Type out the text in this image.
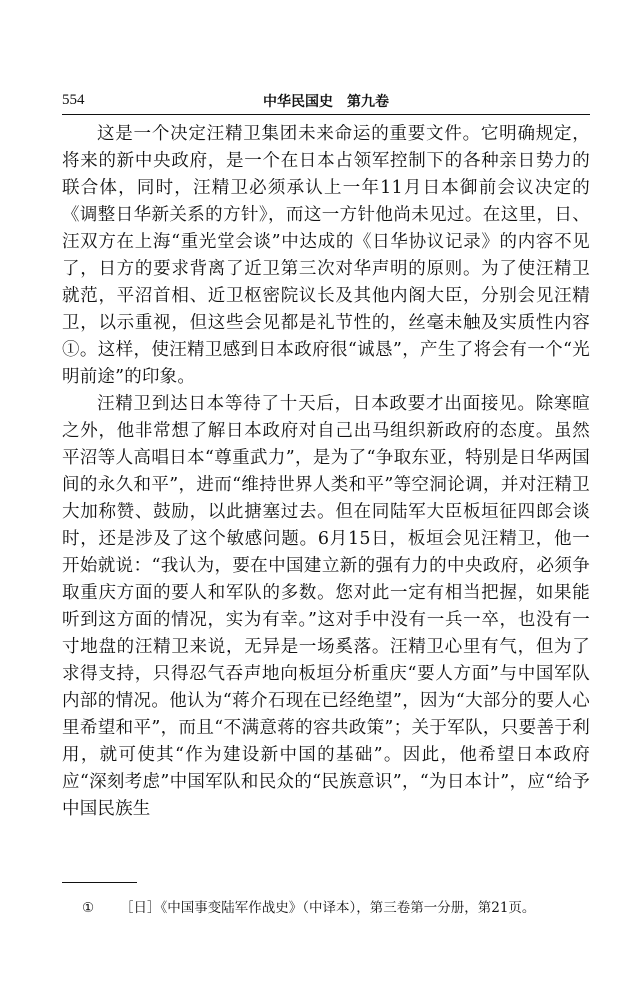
554	中华民国史　第九卷

这是一个决定汪精卫集团未来命运的重要文件。它明确规定，将来的新中央政府，是一个在日本占领军控制下的各种亲日势力的联合体，同时，汪精卫必须承认上一年11月日本御前会议决定的《调整日华新关系的方针》，而这一方针他尚未见过。在这里，日、汪双方在上海“重光堂会谈”中达成的《日华协议记录》的内容不见了，日方的要求背离了近卫第三次对华声明的原则。为了使汪精卫就范，平沼首相、近卫枢密院议长及其他内阁大臣，分别会见汪精卫，以示重视，但这些会见都是礼节性的，丝毫未触及实质性内容①。这样，使汪精卫感到日本政府很“诚恳”，产生了将会有一个“光明前途”的印象。

汪精卫到达日本等待了十天后，日本政要才出面接见。除寒暄之外，他非常想了解日本政府对自己出马组织新政府的态度。虽然平沼等人高唱日本“尊重武力”，是为了“争取东亚，特别是日华两国间的永久和平”，进而“维持世界人类和平”等空洞论调，并对汪精卫大加称赞、鼓励，以此搪塞过去。但在同陆军大臣板垣征四郎会谈时，还是涉及了这个敏感问题。6月15日，板垣会见汪精卫，他一开始就说：“我认为，要在中国建立新的强有力的中央政府，必须争取重庆方面的要人和军队的多数。您对此一定有相当把握，如果能听到这方面的情况，实为有幸。”这对手中没有一兵一卒，也没有一寸地盘的汪精卫来说，无异是一场奚落。汪精卫心里有气，但为了求得支持，只得忍气吞声地向板垣分析重庆“要人方面”与中国军队内部的情况。他认为“蒋介石现在已经绝望”，因为“大部分的要人心里希望和平”，而且“不满意蒋的容共政策”；关于军队，只要善于利用，就可使其“作为建设新中国的基础”。因此，他希望日本政府应“深刻考虑”中国军队和民众的“民族意识”，“为日本计”，应“给予中国民族生

① ［日］《中国事变陆军作战史》（中译本），第三卷第一分册，第21页。
